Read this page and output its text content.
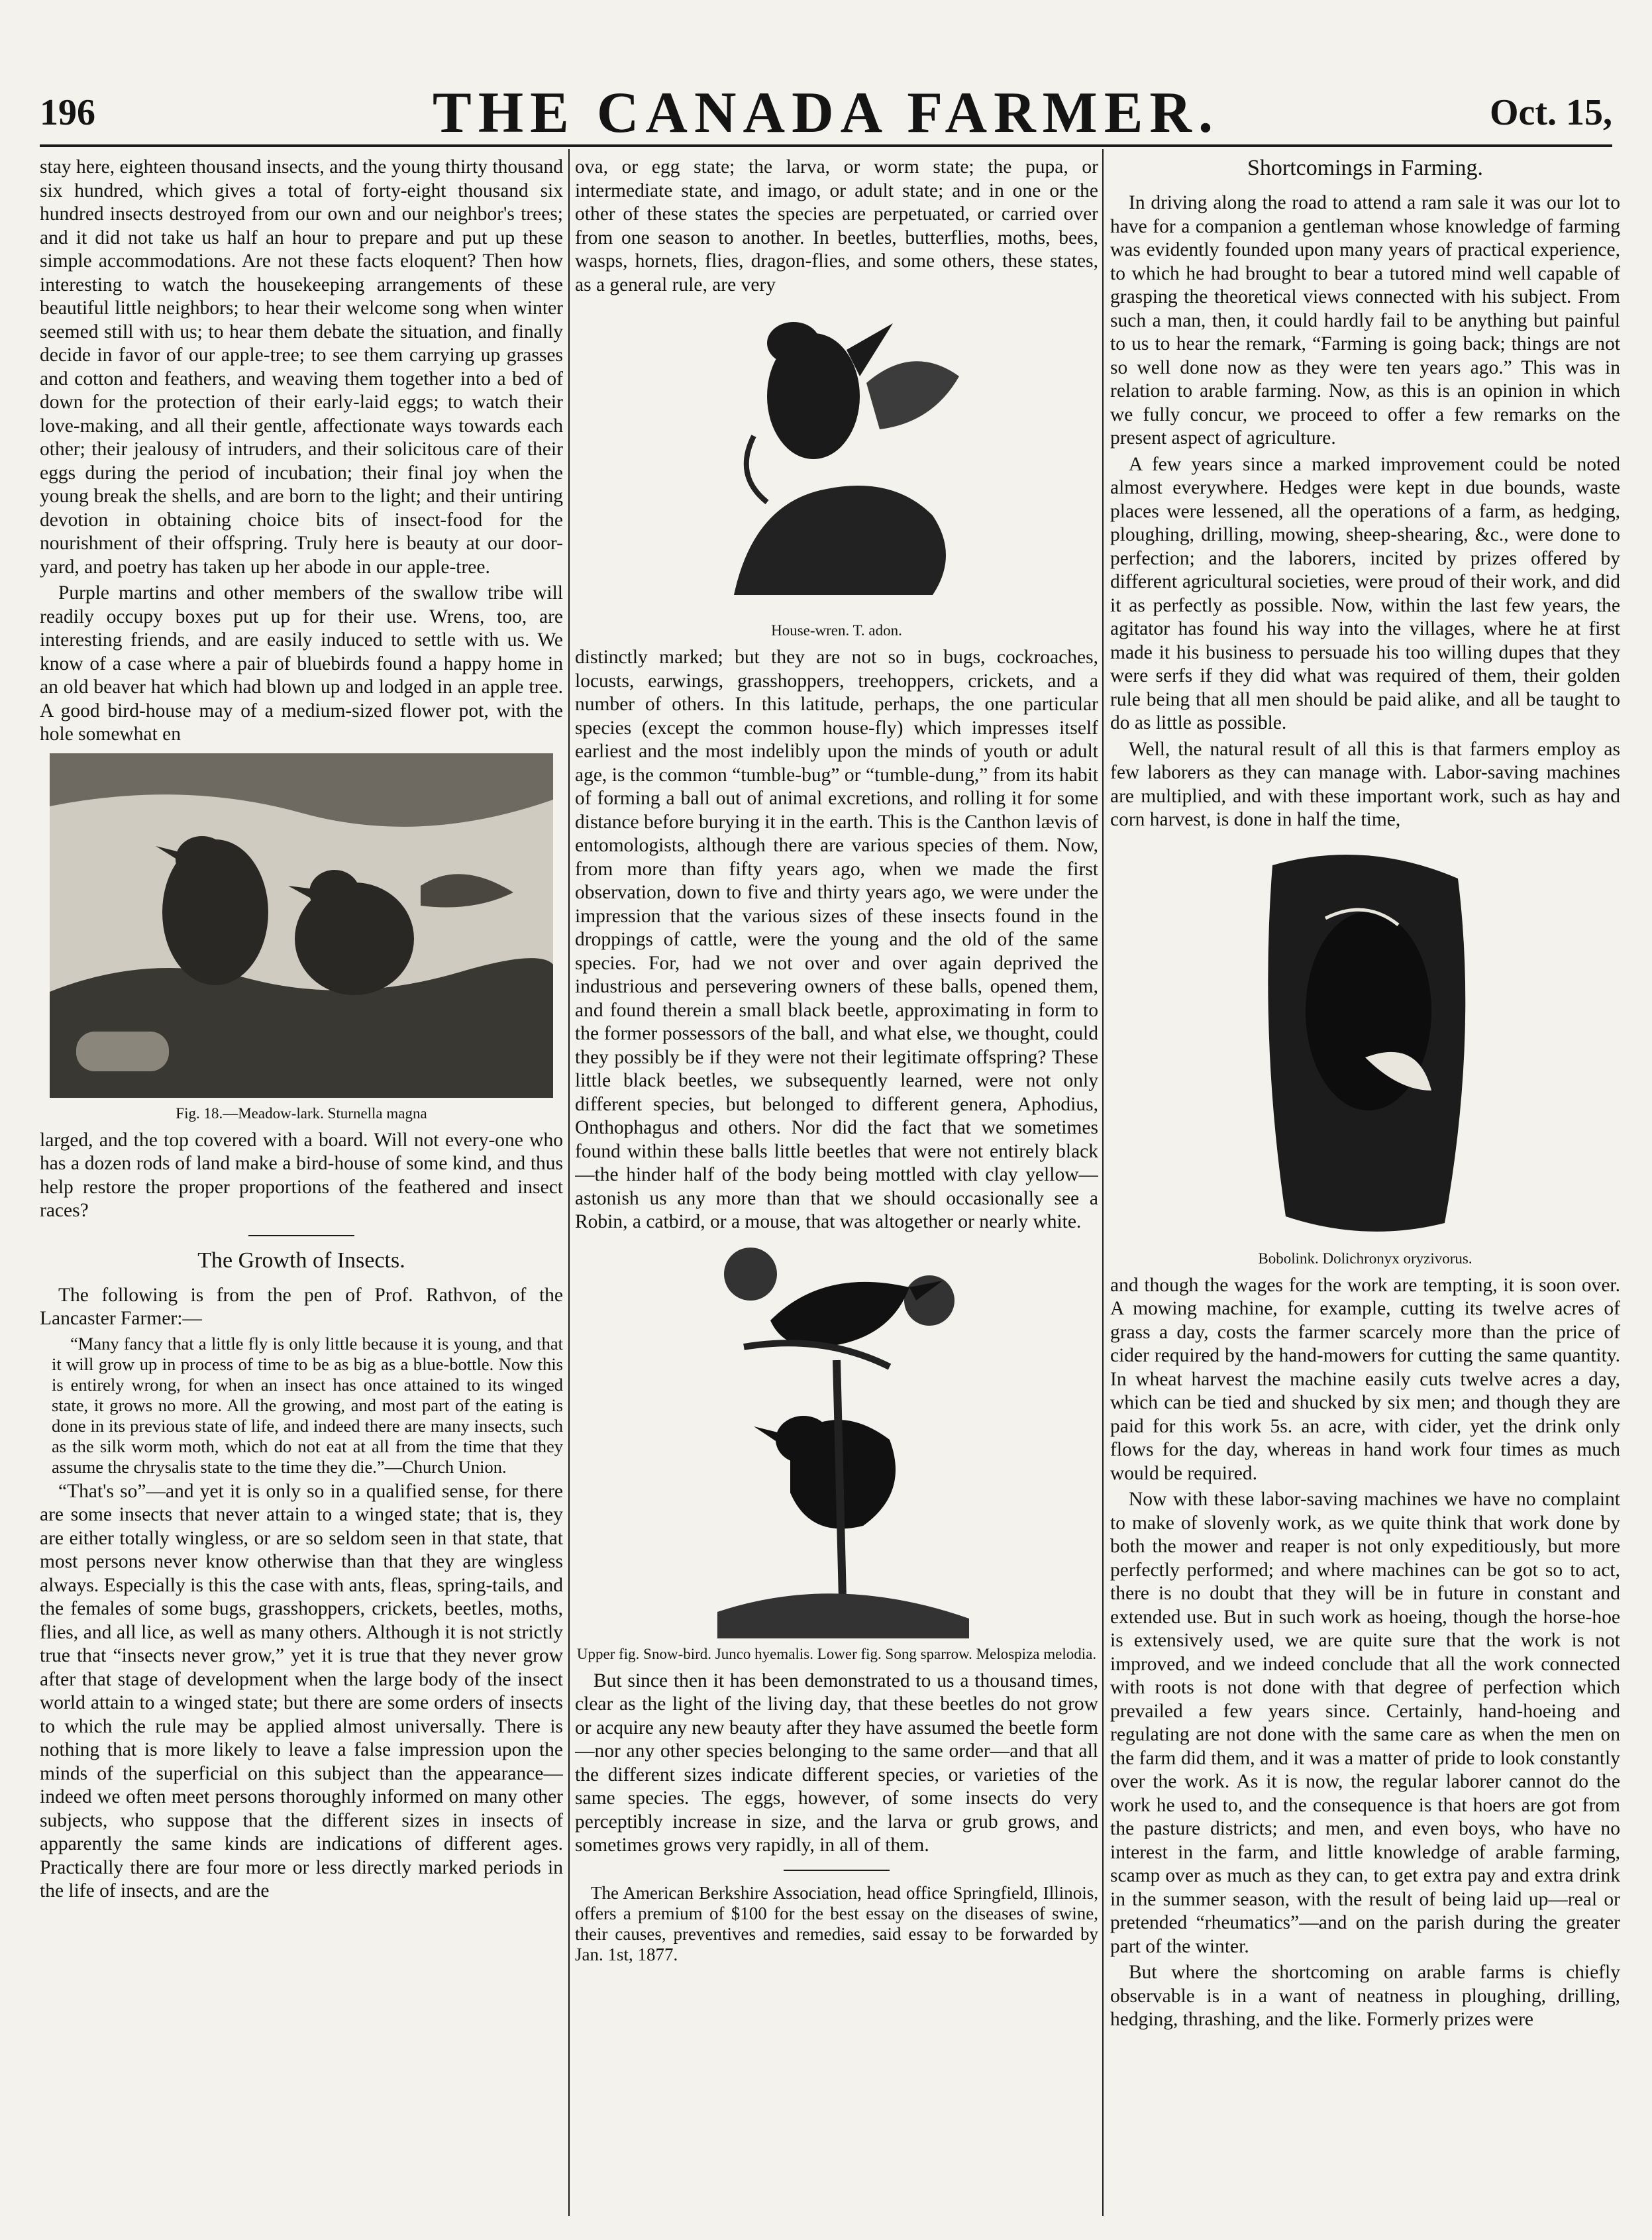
196	THE CANADA FARMER.	Oct. 15,

stay here, eighteen thousand insects, and the young thirty thousand six hundred, which gives a total of forty-eight thousand six hundred insects destroyed from our own and our neighbor's trees; and it did not take us half an hour to prepare and put up these simple accommodations. Are not these facts eloquent? Then how interesting to watch the housekeeping arrangements of these beautiful little neighbors; to hear their welcome song when winter seemed still with us; to hear them debate the situation, and finally decide in favor of our apple-tree; to see them carrying up grasses and cotton and feathers, and weaving them together into a bed of down for the protection of their early-laid eggs; to watch their love-making, and all their gentle, affectionate ways towards each other; their jealousy of intruders, and their solicitous care of their eggs during the period of incubation; their final joy when the young break the shells, and are born to the light; and their untiring devotion in obtaining choice bits of insect-food for the nourishment of their offspring. Truly here is beauty at our door-yard, and poetry has taken up her abode in our apple-tree.

Purple martins and other members of the swallow tribe will readily occupy boxes put up for their use. Wrens, too, are interesting friends, and are easily induced to settle with us. We know of a case where a pair of bluebirds found a happy home in an old beaver hat which had blown up and lodged in an apple tree. A good bird-house may of a medium-sized flower pot, with the hole somewhat en

Fig. 18.—Meadow-lark. Sturnella magna

larged, and the top covered with a board. Will not every-one who has a dozen rods of land make a bird-house of some kind, and thus help restore the proper proportions of the feathered and insect races?

The Growth of Insects.

The following is from the pen of Prof. Rathvon, of the Lancaster Farmer:—

“Many fancy that a little fly is only little because it is young, and that it will grow up in process of time to be as big as a blue-bottle. Now this is entirely wrong, for when an insect has once attained to its winged state, it grows no more. All the growing, and most part of the eating is done in its previous state of life, and indeed there are many insects, such as the silk worm moth, which do not eat at all from the time that they assume the chrysalis state to the time they die.”—Church Union.

“That's so”—and yet it is only so in a qualified sense, for there are some insects that never attain to a winged state; that is, they are either totally wingless, or are so seldom seen in that state, that most persons never know otherwise than that they are wingless always. Especially is this the case with ants, fleas, spring-tails, and the females of some bugs, grasshoppers, crickets, beetles, moths, flies, and all lice, as well as many others. Although it is not strictly true that “insects never grow,” yet it is true that they never grow after that stage of development when the large body of the insect world attain to a winged state; but there are some orders of insects to which the rule may be applied almost universally. There is nothing that is more likely to leave a false impression upon the minds of the superficial on this subject than the appearance—indeed we often meet persons thoroughly informed on many other subjects, who suppose that the different sizes in insects of apparently the same kinds are indications of different ages. Practically there are four more or less directly marked periods in the life of insects, and are the

ova, or egg state; the larva, or worm state; the pupa, or intermediate state, and imago, or adult state; and in one or the other of these states the species are perpetuated, or carried over from one season to another. In beetles, butterflies, moths, bees, wasps, hornets, flies, dragon-flies, and some others, these states, as a general rule, are very

House-wren. T. adon.

distinctly marked; but they are not so in bugs, cockroaches, locusts, earwings, grasshoppers, treehoppers, crickets, and a number of others. In this latitude, perhaps, the one particular species (except the common house-fly) which impresses itself earliest and the most indelibly upon the minds of youth or adult age, is the common “tumble-bug” or “tumble-dung,” from its habit of forming a ball out of animal excretions, and rolling it for some distance before burying it in the earth. This is the Canthon lævis of entomologists, although there are various species of them. Now, from more than fifty years ago, when we made the first observation, down to five and thirty years ago, we were under the impression that the various sizes of these insects found in the droppings of cattle, were the young and the old of the same species. For, had we not over and over again deprived the industrious and persevering owners of these balls, opened them, and found therein a small black beetle, approximating in form to the former possessors of the ball, and what else, we thought, could they possibly be if they were not their legitimate offspring? These little black beetles, we subsequently learned, were not only different species, but belonged to different genera, Aphodius, Onthophagus and others. Nor did the fact that we sometimes found within these balls little beetles that were not entirely black—the hinder half of the body being mottled with clay yellow—astonish us any more than that we should occasionally see a Robin, a catbird, or a mouse, that was altogether or nearly white.

Upper fig. Snow-bird. Junco hyemalis. Lower fig. Song sparrow. Melospiza melodia.

But since then it has been demonstrated to us a thousand times, clear as the light of the living day, that these beetles do not grow or acquire any new beauty after they have assumed the beetle form—nor any other species belonging to the same order—and that all the different sizes indicate different species, or varieties of the same species. The eggs, however, of some insects do very perceptibly increase in size, and the larva or grub grows, and sometimes grows very rapidly, in all of them.

The American Berkshire Association, head office Springfield, Illinois, offers a premium of $100 for the best essay on the diseases of swine, their causes, preventives and remedies, said essay to be forwarded by Jan. 1st, 1877.

Shortcomings in Farming.

In driving along the road to attend a ram sale it was our lot to have for a companion a gentleman whose knowledge of farming was evidently founded upon many years of practical experience, to which he had brought to bear a tutored mind well capable of grasping the theoretical views connected with his subject. From such a man, then, it could hardly fail to be anything but painful to us to hear the remark, “Farming is going back; things are not so well done now as they were ten years ago.” This was in relation to arable farming. Now, as this is an opinion in which we fully concur, we proceed to offer a few remarks on the present aspect of agriculture.

A few years since a marked improvement could be noted almost everywhere. Hedges were kept in due bounds, waste places were lessened, all the operations of a farm, as hedging, ploughing, drilling, mowing, sheep-shearing, &c., were done to perfection; and the laborers, incited by prizes offered by different agricultural societies, were proud of their work, and did it as perfectly as possible. Now, within the last few years, the agitator has found his way into the villages, where he at first made it his business to persuade his too willing dupes that they were serfs if they did what was required of them, their golden rule being that all men should be paid alike, and all be taught to do as little as possible.

Well, the natural result of all this is that farmers employ as few laborers as they can manage with. Labor-saving machines are multiplied, and with these important work, such as hay and corn harvest, is done in half the time,

Bobolink. Dolichronyx oryzivorus.

and though the wages for the work are tempting, it is soon over. A mowing machine, for example, cutting its twelve acres of grass a day, costs the farmer scarcely more than the price of cider required by the hand-mowers for cutting the same quantity. In wheat harvest the machine easily cuts twelve acres a day, which can be tied and shucked by six men; and though they are paid for this work 5s. an acre, with cider, yet the drink only flows for the day, whereas in hand work four times as much would be required.

Now with these labor-saving machines we have no complaint to make of slovenly work, as we quite think that work done by both the mower and reaper is not only expeditiously, but more perfectly performed; and where machines can be got so to act, there is no doubt that they will be in future in constant and extended use. But in such work as hoeing, though the horse-hoe is extensively used, we are quite sure that the work is not improved, and we indeed conclude that all the work connected with roots is not done with that degree of perfection which prevailed a few years since. Certainly, hand-hoeing and regulating are not done with the same care as when the men on the farm did them, and it was a matter of pride to look constantly over the work. As it is now, the regular laborer cannot do the work he used to, and the consequence is that hoers are got from the pasture districts; and men, and even boys, who have no interest in the farm, and little knowledge of arable farming, scamp over as much as they can, to get extra pay and extra drink in the summer season, with the result of being laid up—real or pretended “rheumatics”—and on the parish during the greater part of the winter.

But where the shortcoming on arable farms is chiefly observable is in a want of neatness in ploughing, drilling, hedging, thrashing, and the like. Formerly prizes were
